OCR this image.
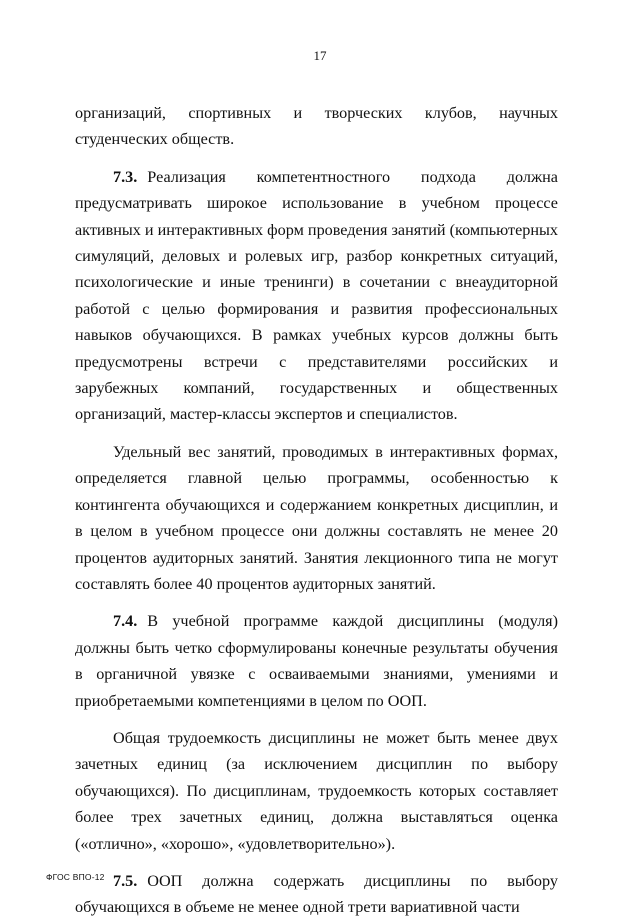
17

организаций, спортивных и творческих клубов, научных студенческих обществ.

7.3. Реализация компетентностного подхода должна предусматривать широкое использование в учебном процессе активных и интерактивных форм проведения занятий (компьютерных симуляций, деловых и ролевых игр, разбор конкретных ситуаций, психологические и иные тренинги) в сочетании с внеаудиторной работой с целью формирования и развития профессиональных навыков обучающихся. В рамках учебных курсов должны быть предусмотрены встречи с представителями российских и зарубежных компаний, государственных и общественных организаций, мастер-классы экспертов и специалистов.

Удельный вес занятий, проводимых в интерактивных формах, определяется главной целью программы, особенностью к контингента обучающихся и содержанием конкретных дисциплин, и в целом в учебном процессе они должны составлять не менее 20 процентов аудиторных занятий. Занятия лекционного типа не могут составлять более 40 процентов аудиторных занятий.

7.4. В учебной программе каждой дисциплины (модуля) должны быть четко сформулированы конечные результаты обучения в органичной увязке с осваиваемыми знаниями, умениями и приобретаемыми компетенциями в целом по ООП.

Общая трудоемкость дисциплины не может быть менее двух зачетных единиц (за исключением дисциплин по выбору обучающихся). По дисциплинам, трудоемкость которых составляет более трех зачетных единиц, должна выставляться оценка («отлично», «хорошо», «удовлетворительно»).

7.5. ООП должна содержать дисциплины по выбору обучающихся в объеме не менее одной трети вариативной части

ФГОС ВПО-12
